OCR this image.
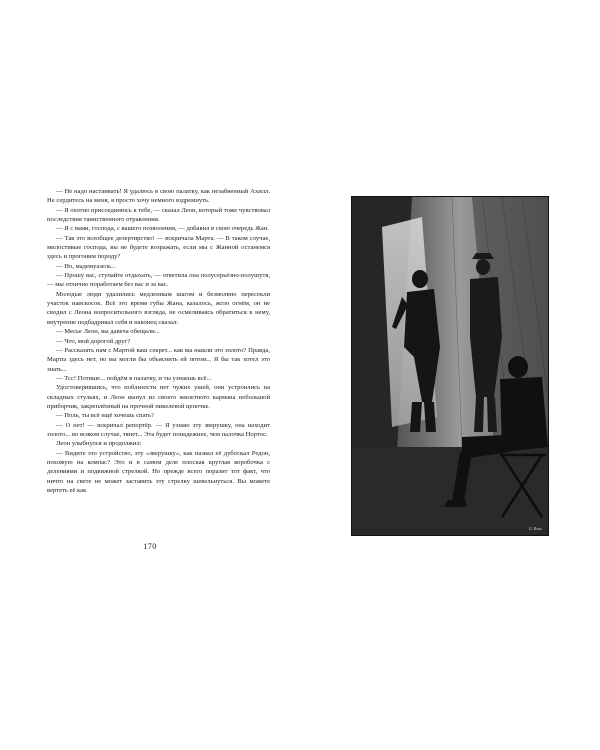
— Не надо настаивать! Я удалюсь в свою палатку, как незабвенный Ахилл. Не сердитесь на меня, я просто хочу немного вздремнуть.

— Я охотно присоединюсь к тебе, — сказал Леон, который тоже чувствовал последствия таинственного отравления.

— Я с вами, господа, с вашего позволения, — добавил в свою очередь Жан.

— Так это всеобщее дезертирство! — вскричала Марта. — В таком случае, милостивые господа, вы не будете возражать, если мы с Жанной останемся здесь и прогоним породу?

— Но, мадемуазель...

— Прошу вас, ступайте отдыхать, — ответила она полусерьёзно-полушутя, — мы отлично поработаем без вас и за вас.

Молодые люди удалились медленным шагом и безмолвно пересекли участок наискосок. Всё это время губы Жана, казалось, жгло огнём, он не сводил с Леона вопросительного взгляда, не осмеливаясь обратиться к нему, внутренне подбадривал себя и наконец сказал:

— Месье Леон, вы давеча обещали...

— Что, мой дорогой друг?

— Рассказать нам с Мартой ваш секрет... как вы нашли это золото? Правда, Марты здесь нет, но вы могли бы объяснить ей потом... Я бы так хотел это знать...

— Тсс! Потише... пойдём в палатку, и ты узнаешь всё...

Удостоверившись, что поблизости нет чужих ушей, они устроились на складных стульях, и Леон вынул из своего жилетного кармана небольшой приборчик, закреплённый на прочной никелевой цепочке.

— Поль, ты всё ещё хочешь спать?

— О нет! — вскричал репортёр. — Я узнаю эту зверушку, она находит золото... во всяком случае, тянет... Эта будет понадежнее, чем палочка Нортос.

Леон улыбнулся и продолжил:

— Видите это устройство, эту «зверушку», как назвал её дубоскал Редон, похожую на компас? Это и в самом деле плоская круглая коробочка с делениями и подвижной стрелкой. Но прежде всего поразит тот факт, что ничто на свете не может заставить эту стрелку шевельнуться. Вы можете вертеть её как

170
G. Roux
